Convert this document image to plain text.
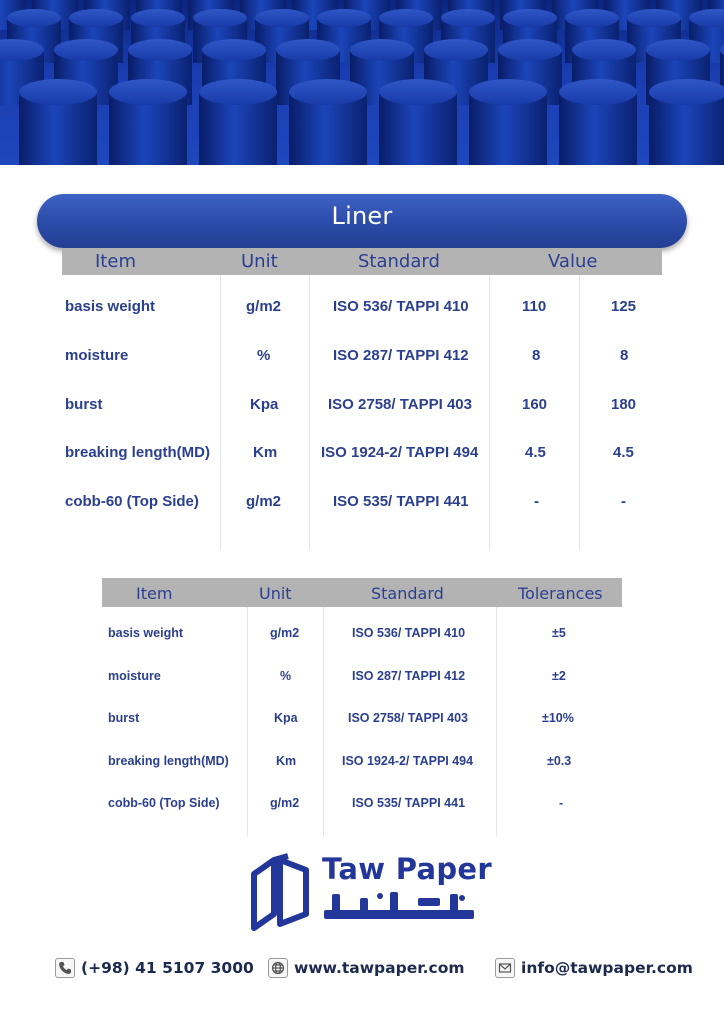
Liner
Item	Unit	Standard	Value
basis weight	g/m2	ISO 536/ TAPPI 410	110	125
moisture	%	ISO 287/ TAPPI 412	8	8
burst	Kpa	ISO 2758/ TAPPI 403	160	180
breaking length(MD)	Km	ISO 1924-2/ TAPPI 494	4.5	4.5
cobb-60 (Top Side)	g/m2	ISO 535/ TAPPI 441	-	-
Item	Unit	Standard	Tolerances
basis weight	g/m2	ISO 536/ TAPPI 410	±5
moisture	%	ISO 287/ TAPPI 412	±2
burst	Kpa	ISO 2758/ TAPPI 403	±10%
breaking length(MD)	Km	ISO 1924-2/ TAPPI 494	±0.3
cobb-60 (Top Side)	g/m2	ISO 535/ TAPPI 441	-
Taw Paper
(+98) 41 5107 3000	www.tawpaper.com	info@tawpaper.com
